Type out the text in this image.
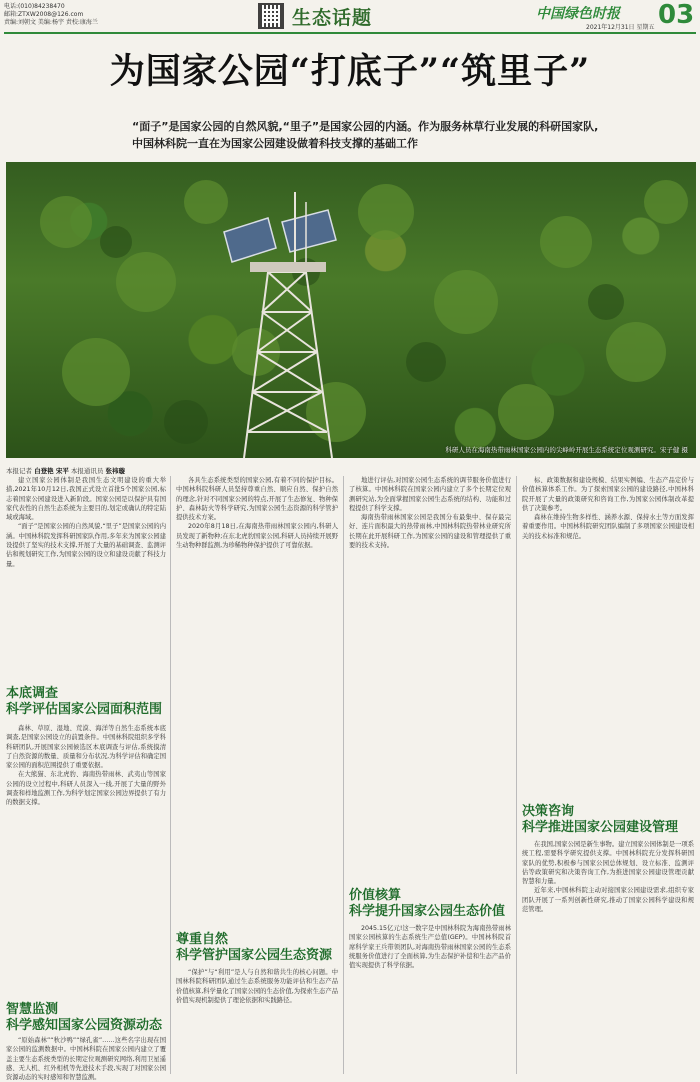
电话:(010)84238470
邮箱:ZTXW2008@126.com
责编:刘朝文 美编:杨宇 责校:康海兰	生态话题	中国绿色时报 03
2021年12月31日 星期五
为国家公园“打底子”“筑里子”
“面子”是国家公园的自然风貌,“里子”是国家公园的内涵。作为服务林草行业发展的科研国家队,中国林科院一直在为国家公园建设做着科技支撑的基础工作
科研人员在海南热带雨林国家公园内的尖峰岭开展生态系统定位观测研究。宋子健 摄
本报记者 白登艳 宋平 本报通讯员 张祎璇

建立国家公园体制是我国生态文明建设的重大举措,2021年10月12日,我国正式设立首批5个国家公园,标志着国家公园建设进入新阶段。国家公园是以保护具有国家代表性的自然生态系统为主要目的,划定或确认的特定陆域或海域。

“面子”是国家公园的自然风貌,“里子”是国家公园的内涵。中国林科院发挥科研国家队作用,多年来为国家公园建设提供了坚实的技术支撑,开展了大量的基础调查、监测评估和规划研究工作,为国家公园的设立和建设贡献了科技力量。

本底调查
科学评估国家公园面积范围

森林、草原、湿地、荒漠、海洋等自然生态系统本底调查,是国家公园设立的前置条件。中国林科院组织多学科科研团队,开展国家公园候选区本底调查与评估,系统摸清了自然资源的数量、质量和分布状况,为科学评估和确定国家公园的面积范围提供了重要依据。

在大熊猫、东北虎豹、海南热带雨林、武夷山等国家公园的设立过程中,科研人员深入一线,开展了大量的野外调查和样地监测工作,为科学划定国家公园边界提供了有力的数据支撑。

智慧监测
科学感知国家公园资源动态

“原始森林”“秋沙鸭”“绿孔雀”……这些名字出现在国家公园的监测数据中。中国林科院在国家公园内建立了覆盖主要生态系统类型的长期定位观测研究网络,利用卫星遥感、无人机、红外相机等先进技术手段,实现了对国家公园资源动态的实时感知和智慧监测。

各具生态系统类型的国家公园,有着不同的保护目标。中国林科院科研人员坚持尊重自然、顺应自然、保护自然的理念,针对不同国家公园的特点,开展了生态修复、物种保护、森林防火等科学研究,为国家公园生态资源的科学管护提供技术方案。

2020年8月18日,在海南热带雨林国家公园内,科研人员发现了新物种;在东北虎豹国家公园,科研人员持续开展野生动物种群监测,为珍稀物种保护提供了可靠依据。

尊重自然
科学管护国家公园生态资源

“保护”与“利用”是人与自然和谐共生的核心问题。中国林科院科研团队通过生态系统服务功能评估和生态产品价值核算,科学量化了国家公园的生态价值,为探索生态产品价值实现机制提供了理论依据和实践路径。

地进行评估,对国家公园生态系统的调节服务价值进行了核算。中国林科院在国家公园内建立了多个长期定位观测研究站,为全面掌握国家公园生态系统的结构、功能和过程提供了科学支撑。

海南热带雨林国家公园是我国分布最集中、保存最完好、连片面积最大的热带雨林,中国林科院热带林业研究所长期在此开展科研工作,为国家公园的建设和管理提供了重要的技术支持。

价值核算
科学提升国家公园生态价值

2045.15亿元!这一数字是中国林科院为海南热带雨林国家公园核算的生态系统生产总值(GEP)。中国林科院首席科学家王兵带领团队,对海南热带雨林国家公园的生态系统服务价值进行了全面核算,为生态保护补偿和生态产品价值实现提供了科学依据。

标、政策数据和建设规模、结果实例编、生态产品定价与价值核算体系工作。为了探索国家公园的建设路径,中国林科院开展了大量的政策研究和咨询工作,为国家公园体制改革提供了决策参考。

森林在维持生物多样性、涵养水源、保持水土等方面发挥着重要作用。中国林科院研究团队编制了多项国家公园建设相关的技术标准和规范。

决策咨询
科学推进国家公园建设管理

在我国,国家公园是新生事物。建立国家公园体制是一项系统工程,需要科学研究提供支撑。中国林科院充分发挥科研国家队的优势,积极参与国家公园总体规划、设立标准、监测评估等政策研究和决策咨询工作,为推进国家公园建设管理贡献智慧和力量。

近年来,中国林科院主动对接国家公园建设需求,组织专家团队开展了一系列创新性研究,推动了国家公园科学建设和规范管理。
